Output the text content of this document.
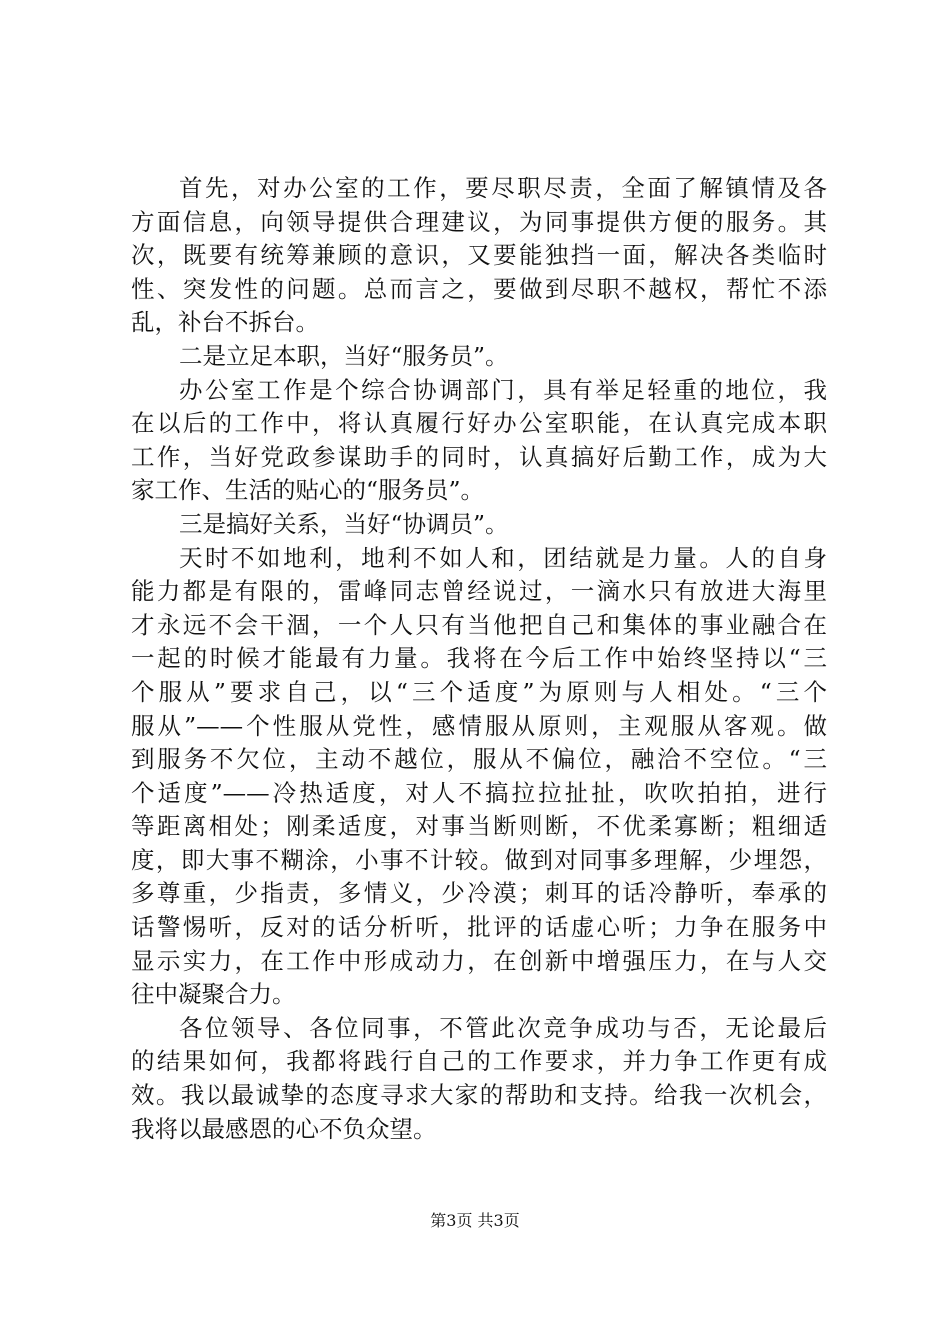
首先，对办公室的工作，要尽职尽责，全面了解镇情及各
方面信息，向领导提供合理建议，为同事提供方便的服务。其
次，既要有统筹兼顾的意识，又要能独挡一面，解决各类临时
性、突发性的问题。总而言之，要做到尽职不越权，帮忙不添
乱，补台不拆台。
二是立足本职，当好“服务员”。
办公室工作是个综合协调部门，具有举足轻重的地位，我
在以后的工作中，将认真履行好办公室职能，在认真完成本职
工作，当好党政参谋助手的同时，认真搞好后勤工作，成为大
家工作、生活的贴心的“服务员”。
三是搞好关系，当好“协调员”。
天时不如地利，地利不如人和，团结就是力量。人的自身
能力都是有限的，雷峰同志曾经说过，一滴水只有放进大海里
才永远不会干涸，一个人只有当他把自己和集体的事业融合在
一起的时候才能最有力量。我将在今后工作中始终坚持以“三
个服从”要求自己，以“三个适度”为原则与人相处。“三个
服从”——个性服从党性，感情服从原则，主观服从客观。做
到服务不欠位，主动不越位，服从不偏位，融洽不空位。“三
个适度”——冷热适度，对人不搞拉拉扯扯，吹吹拍拍，进行
等距离相处；刚柔适度，对事当断则断，不优柔寡断；粗细适
度，即大事不糊涂，小事不计较。做到对同事多理解，少埋怨，
多尊重，少指责，多情义，少冷漠；刺耳的话冷静听，奉承的
话警惕听，反对的话分析听，批评的话虚心听；力争在服务中
显示实力，在工作中形成动力，在创新中增强压力，在与人交
往中凝聚合力。
各位领导、各位同事，不管此次竞争成功与否，无论最后
的结果如何，我都将践行自己的工作要求，并力争工作更有成
效。我以最诚挚的态度寻求大家的帮助和支持。给我一次机会，
我将以最感恩的心不负众望。
第3页 共3页
